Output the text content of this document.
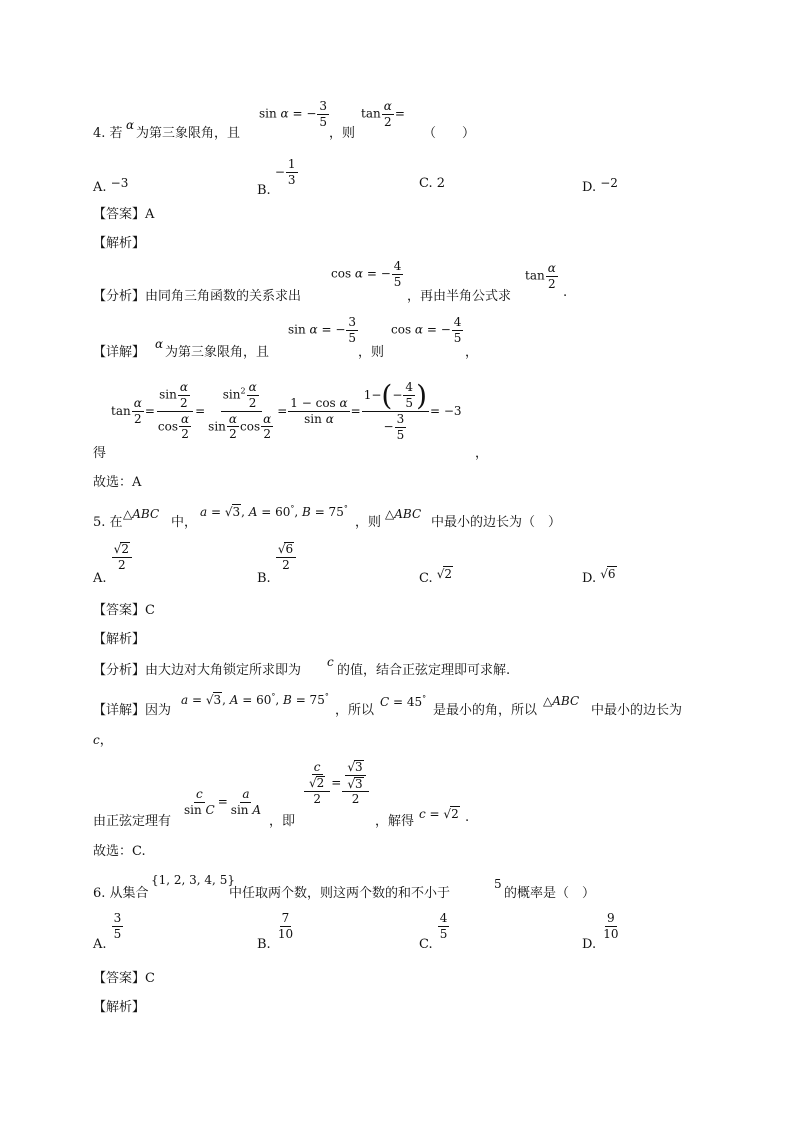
4. 若
α
为第三象限角，且
sin α = − $\frac{3}{5}$
，则
$\tan \frac{\alpha}{2}$ =
（　　）
A. −3	B. − $\frac{1}{3}$	C. 2	D. −2
【答案】A
【解析】
【分析】由同角三角函数的关系求出
cos α = − $\frac{4}{5}$
，再由半角公式求
$\tan \frac{\alpha}{2}$
.
【详解】
α
为第三象限角，且
sin α = − $\frac{3}{5}$
，则
cos α = − $\frac{4}{5}$
，
$\tan \frac{\alpha}{2} = \frac{\sin \frac{\alpha}{2}}{\cos \frac{\alpha}{2}} = \frac{\sin^2 \frac{\alpha}{2}}{\sin \frac{\alpha}{2} \cos \frac{\alpha}{2}} = \frac{\text{1 − cos α}}{\text{sin α}} = \frac{1-(- \frac{4}{5} )}{- \frac{3}{5}} = -3$
得	，
故选：A
5. 在
△ABC
中，
a = √3, A = 60°, B = 75°
，则
△ABC
中最小的边长为（　）
A.
$\frac{√2}{2}$
B.
$\frac{√6}{2}$
C. √2	D. √6
【答案】C
【解析】
【分析】由大边对大角锁定所求即为
c
的值，结合正弦定理即可求解.
【详解】因为
a = √3, A = 60°, B = 75°
，所以
C = 45°
是最小的角，所以
△ABC
中最小的边长为
c，
由正弦定理有
$\frac{c}{\text{sin C}} = \frac{a}{\text{sin A}}$
，即
$\frac{\frac{c}{√2}}{2} = \frac{\frac{√3}{√3}}{2}$
，解得 c = √2 .
故选：C.
6. 从集合
{1, 2, 3, 4, 5}
中任取两个数，则这两个数的和不小于
5
的概率是（　）
A.
$\frac{3}{5}$
B.
$\frac{7}{10}$
C.
$\frac{4}{5}$
D.
$\frac{9}{10}$
【答案】C
【解析】
